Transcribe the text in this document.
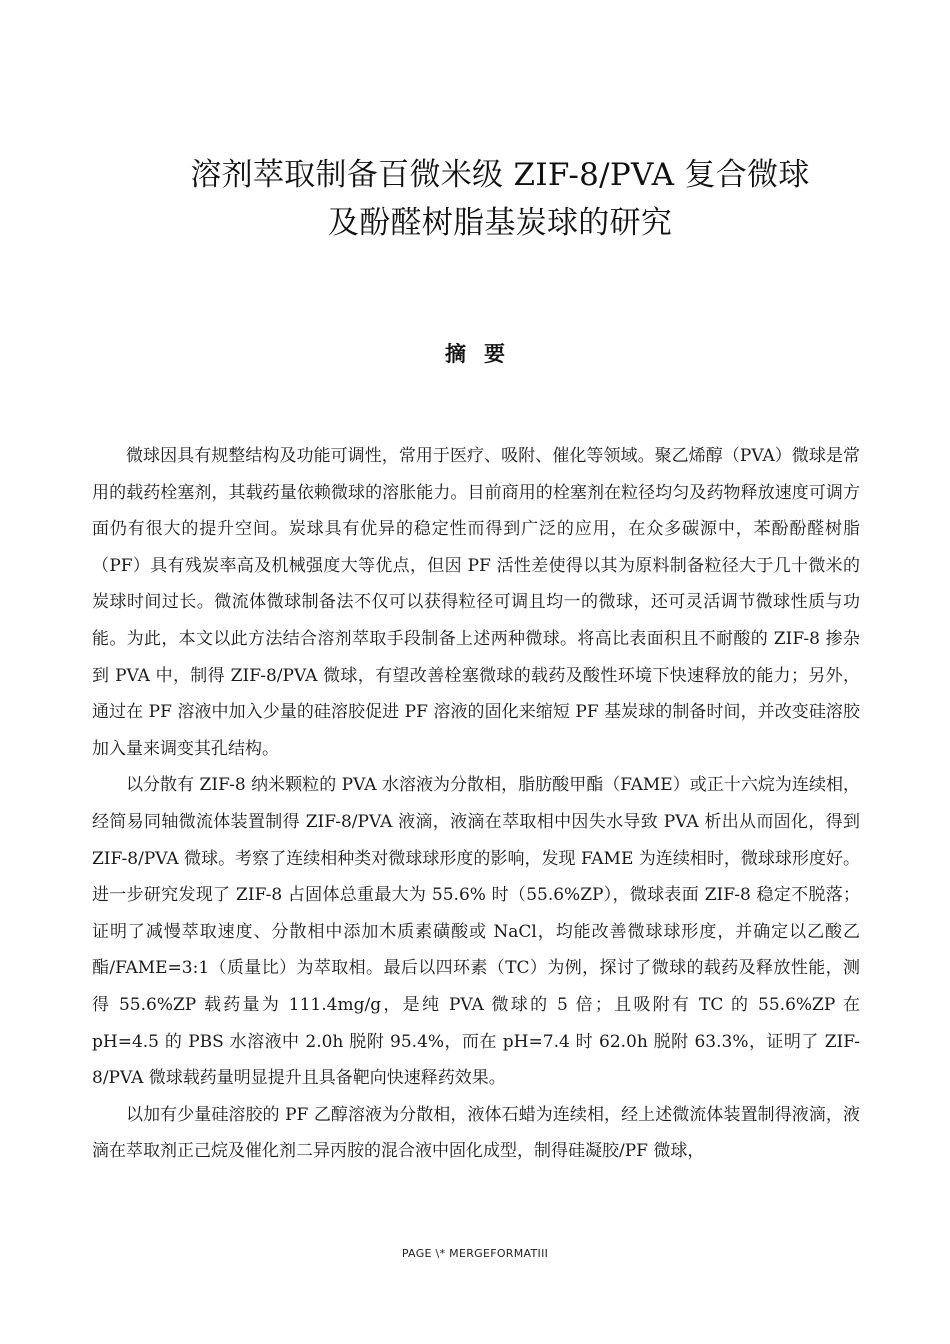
溶剂萃取制备百微米级 ZIF-8/PVA 复合微球
及酚醛树脂基炭球的研究
摘要

微球因具有规整结构及功能可调性，常用于医疗、吸附、催化等领域。聚乙烯醇（PVA）微球是常用的载药栓塞剂，其载药量依赖微球的溶胀能力。目前商用的栓塞剂在粒径均匀及药物释放速度可调方面仍有很大的提升空间。炭球具有优异的稳定性而得到广泛的应用，在众多碳源中，苯酚酚醛树脂（PF）具有残炭率高及机械强度大等优点，但因 PF 活性差使得以其为原料制备粒径大于几十微米的炭球时间过长。微流体微球制备法不仅可以获得粒径可调且均一的微球，还可灵活调节微球性质与功能。为此，本文以此方法结合溶剂萃取手段制备上述两种微球。将高比表面积且不耐酸的 ZIF-8 掺杂到 PVA 中，制得 ZIF-8/PVA 微球，有望改善栓塞微球的载药及酸性环境下快速释放的能力；另外，通过在 PF 溶液中加入少量的硅溶胶促进 PF 溶液的固化来缩短 PF 基炭球的制备时间，并改变硅溶胶加入量来调变其孔结构。

以分散有 ZIF-8 纳米颗粒的 PVA 水溶液为分散相，脂肪酸甲酯（FAME）或正十六烷为连续相，经简易同轴微流体装置制得 ZIF-8/PVA 液滴，液滴在萃取相中因失水导致 PVA 析出从而固化，得到 ZIF-8/PVA 微球。考察了连续相种类对微球球形度的影响，发现 FAME 为连续相时，微球球形度好。进一步研究发现了 ZIF-8 占固体总重最大为 55.6% 时（55.6%ZP），微球表面 ZIF-8 稳定不脱落；证明了减慢萃取速度、分散相中添加木质素磺酸或 NaCl，均能改善微球球形度，并确定以乙酸乙酯/FAME=3:1（质量比）为萃取相。最后以四环素（TC）为例，探讨了微球的载药及释放性能，测得 55.6%ZP 载药量为 111.4mg/g，是纯 PVA 微球的 5 倍；且吸附有 TC 的 55.6%ZP 在 pH=4.5 的 PBS 水溶液中 2.0h 脱附 95.4%，而在 pH=7.4 时 62.0h 脱附 63.3%，证明了 ZIF-8/PVA 微球载药量明显提升且具备靶向快速释药效果。

以加有少量硅溶胶的 PF 乙醇溶液为分散相，液体石蜡为连续相，经上述微流体装置制得液滴，液滴在萃取剂正己烷及催化剂二异丙胺的混合液中固化成型，制得硅凝胶/PF 微球，

PAGE \* MERGEFORMATIII
